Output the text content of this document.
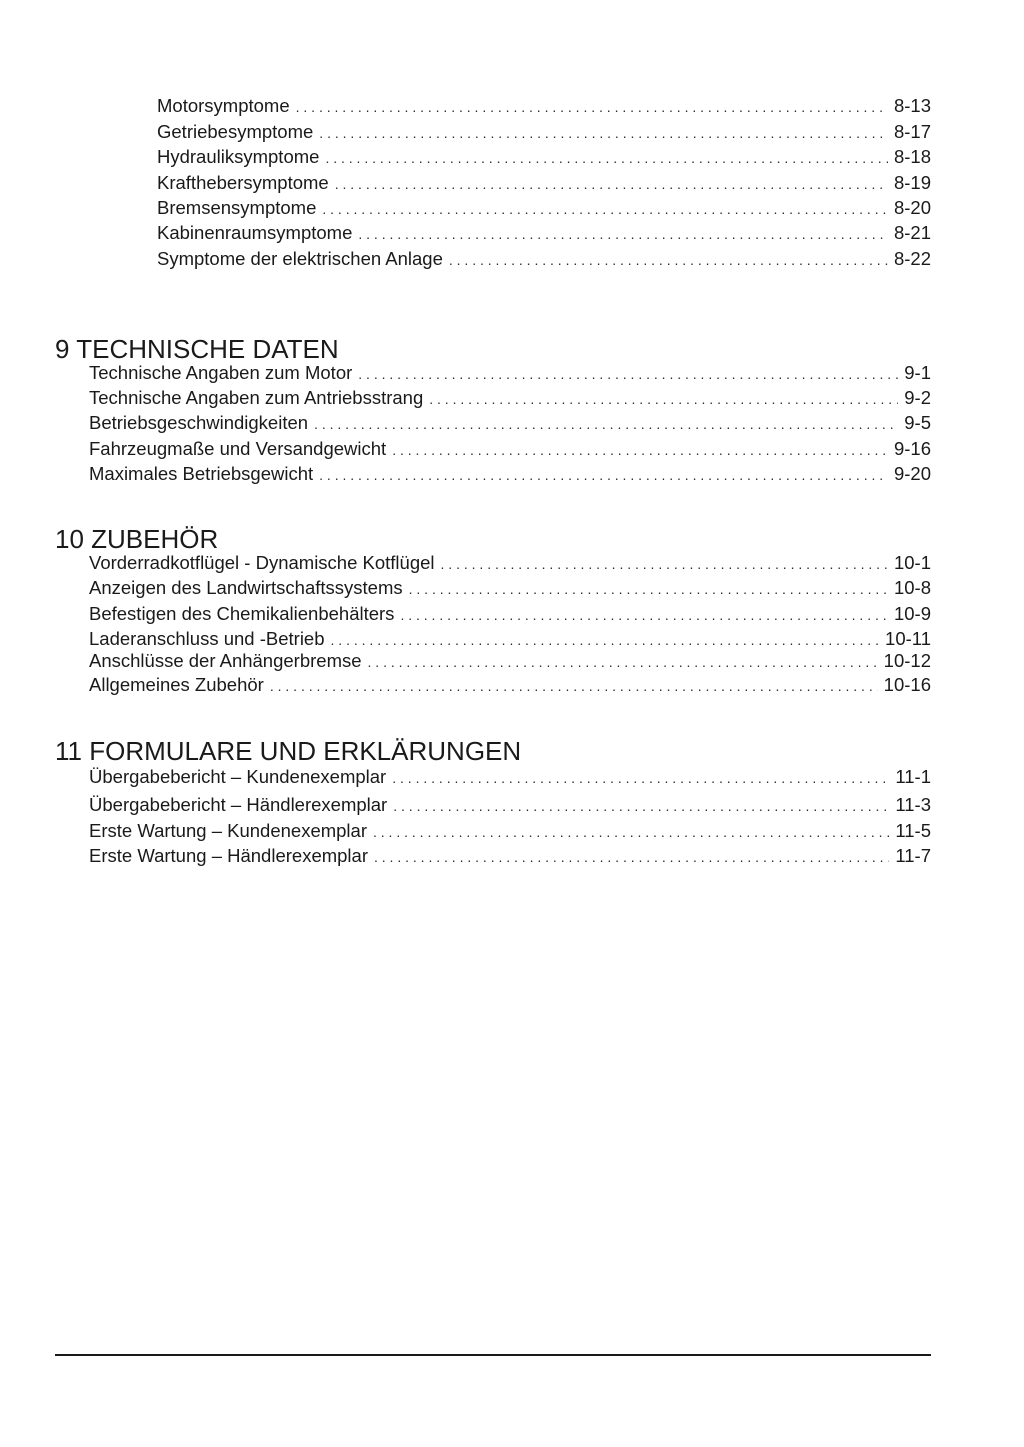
Motorsymptome . . .	8-13
Getriebesymptome . . .	8-17
Hydrauliksymptome . . .	8-18
Krafthebersymptome . . .	8-19
Bremsensymptome . . .	8-20
Kabinenraumsymptome . . .	8-21
Symptome der elektrischen Anlage . . .	8-22
9 TECHNISCHE DATEN
Technische Angaben zum Motor . . .	9-1
Technische Angaben zum Antriebsstrang . . .	9-2
Betriebsgeschwindigkeiten . . .	9-5
Fahrzeugmaße und Versandgewicht . . .	9-16
Maximales Betriebsgewicht . . .	9-20
10 ZUBEHÖR
Vorderradkotflügel - Dynamische Kotflügel . . .	10-1
Anzeigen des Landwirtschaftssystems . . .	10-8
Befestigen des Chemikalienbehälters . . .	10-9
Laderanschluss und -Betrieb . . .	10-11
Anschlüsse der Anhängerbremse . . .	10-12
Allgemeines Zubehör . . .	10-16
11 FORMULARE UND ERKLÄRUNGEN
Übergabebericht – Kundenexemplar . . .	11-1
Übergabebericht – Händlerexemplar . . .	11-3
Erste Wartung – Kundenexemplar . . .	11-5
Erste Wartung – Händlerexemplar . . .	11-7
